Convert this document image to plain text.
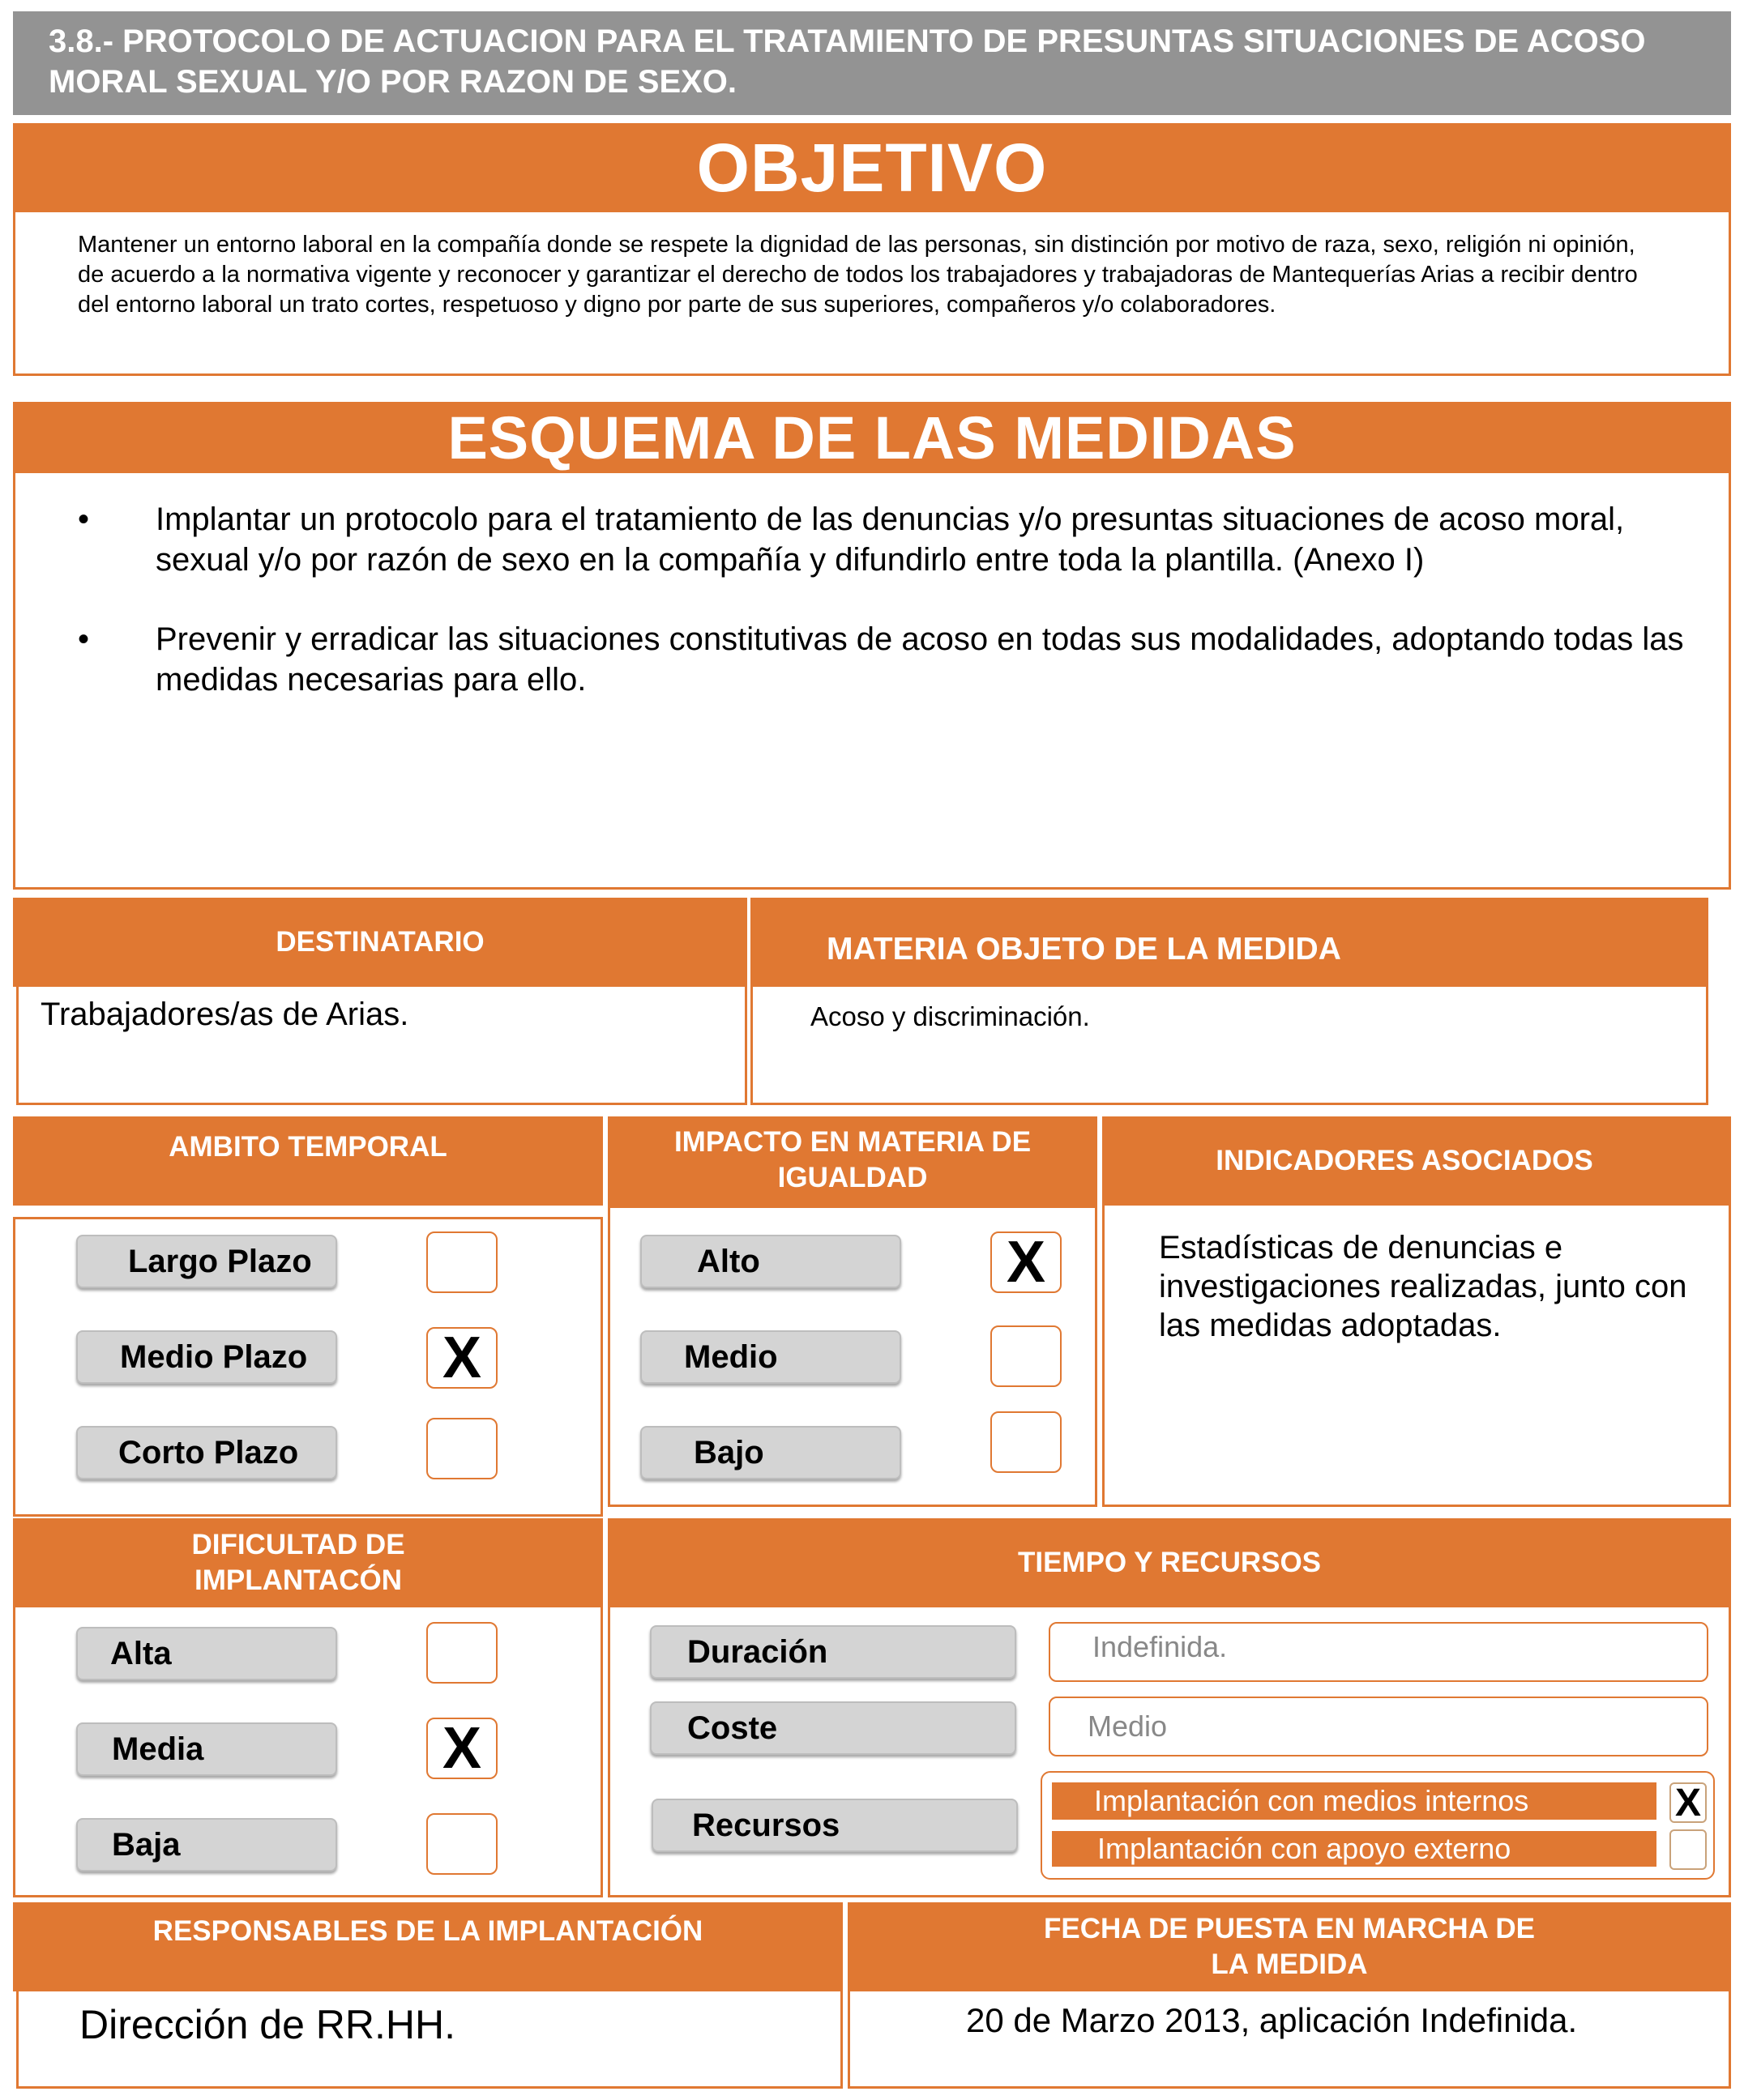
3.8.- PROTOCOLO DE ACTUACION PARA EL TRATAMIENTO DE PRESUNTAS SITUACIONES DE ACOSO MORAL SEXUAL Y/O POR RAZON DE SEXO.
OBJETIVO
Mantener un entorno laboral en la compañía donde se respete la dignidad de las personas, sin distinción por motivo de raza, sexo, religión ni opinión, de acuerdo a la normativa vigente y reconocer y garantizar el derecho de todos los trabajadores y trabajadoras de Mantequerías Arias a recibir dentro del entorno laboral un trato cortes, respetuoso y digno por parte de sus superiores, compañeros y/o colaboradores.
ESQUEMA DE LAS MEDIDAS
• Implantar un protocolo para el tratamiento de las denuncias y/o presuntas situaciones de acoso moral, sexual y/o por razón de sexo en la compañía y difundirlo entre toda la plantilla. (Anexo I)
• Prevenir y erradicar las situaciones constitutivas de acoso en todas sus modalidades, adoptando todas las medidas necesarias para ello.
DESTINATARIO
Trabajadores/as de Arias.
MATERIA OBJETO DE LA MEDIDA
Acoso y discriminación.
AMBITO TEMPORAL
Largo Plazo
Medio Plazo X
Corto Plazo
IMPACTO EN MATERIA DE IGUALDAD
Alto	X
Medio
Bajo
INDICADORES ASOCIADOS
Estadísticas de denuncias e investigaciones realizadas, junto con las medidas adoptadas.
DIFICULTAD DE IMPLANTACÓN
Alta
Media	X
Baja
TIEMPO Y RECURSOS
Duración	Indefinida.
Coste	Medio
Recursos
Implantación con medios internos	X
Implantación con apoyo externo
RESPONSABLES DE LA IMPLANTACIÓN
Dirección de RR.HH.
FECHA DE PUESTA EN MARCHA DE LA MEDIDA
20 de Marzo 2013, aplicación Indefinida.
